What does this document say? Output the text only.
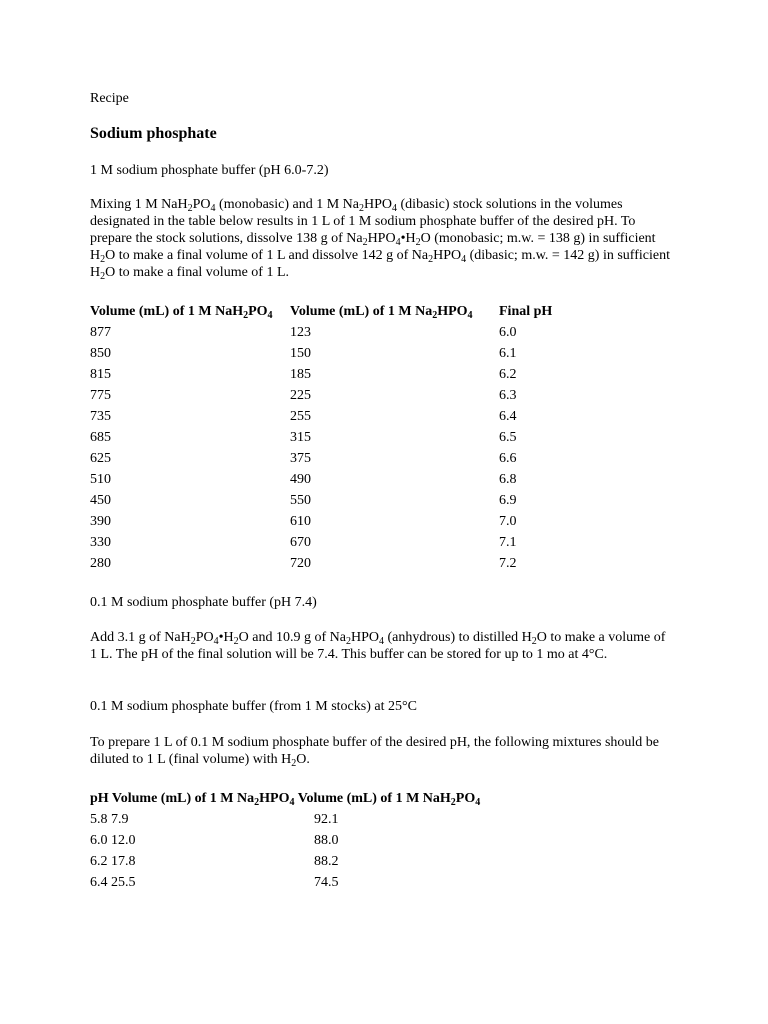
Recipe
Sodium phosphate
1 M sodium phosphate buffer (pH 6.0-7.2)
Mixing 1 M $NaH_2PO_4$ (monobasic) and 1 M $Na_2HPO_4$ (dibasic) stock solutions in the volumes designated in the table below results in 1 L of 1 M sodium phosphate buffer of the desired pH. To prepare the stock solutions, dissolve 138 g of $Na_2HPO_4•H_2O$ (monobasic; m.w. = 138 g) in sufficient $H_2O$ to make a final volume of 1 L and dissolve 142 g of $Na_2HPO_4$ (dibasic; m.w. = 142 g) in sufficient $H_2O$ to make a final volume of 1 L.
Volume (mL) of 1 M $NaH_2PO_4$	Volume (mL) of 1 M $Na_2HPO_4$	Final pH
877	123	6.0
850	150	6.1
815	185	6.2
775	225	6.3
735	255	6.4
685	315	6.5
625	375	6.6
510	490	6.8
450	550	6.9
390	610	7.0
330	670	7.1
280	720	7.2
0.1 M sodium phosphate buffer (pH 7.4)
Add 3.1 g of $NaH_2PO_4•H_2O$ and 10.9 g of $Na_2HPO_4$ (anhydrous) to distilled $H_2O$ to make a volume of 1 L. The pH of the final solution will be 7.4. This buffer can be stored for up to 1 mo at 4°C.
0.1 M sodium phosphate buffer (from 1 M stocks) at 25°C
To prepare 1 L of 0.1 M sodium phosphate buffer of the desired pH, the following mixtures should be diluted to 1 L (final volume) with $H_2O$.
pH Volume (mL) of 1 M $Na_2HPO_4$ Volume (mL) of 1 M $NaH_2PO_4$
5.8 7.9	92.1
6.0 12.0	88.0
6.2 17.8	88.2
6.4 25.5	74.5
